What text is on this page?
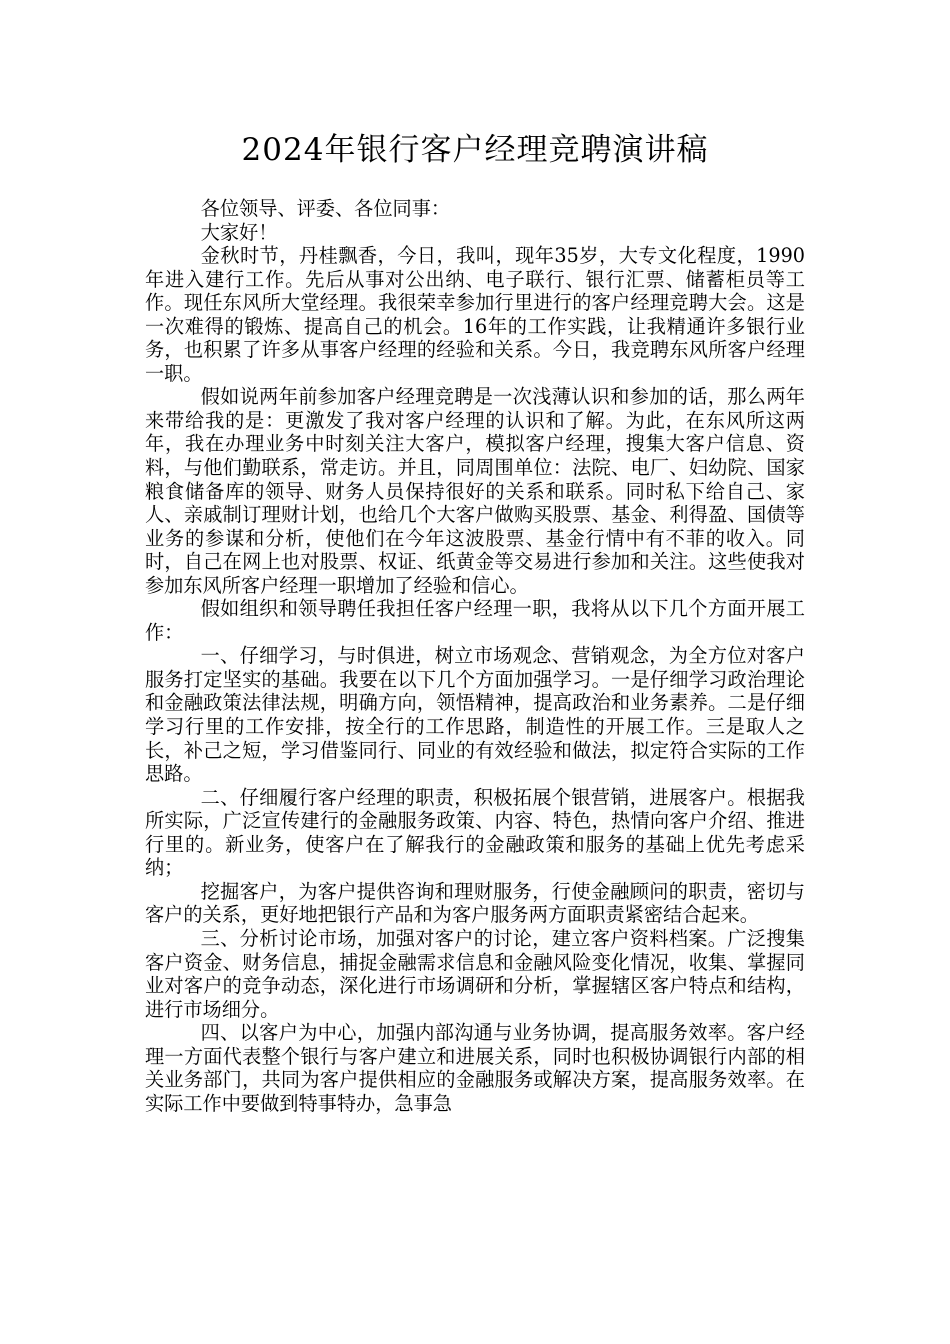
2024年银行客户经理竞聘演讲稿

各位领导、评委、各位同事：

大家好！

金秋时节，丹桂飘香，今日，我叫，现年35岁，大专文化程度，1990年进入建行工作。先后从事对公出纳、电子联行、银行汇票、储蓄柜员等工作。现任东风所大堂经理。我很荣幸参加行里进行的客户经理竞聘大会。这是一次难得的锻炼、提高自己的机会。16年的工作实践，让我精通许多银行业务，也积累了许多从事客户经理的经验和关系。今日，我竞聘东风所客户经理一职。

假如说两年前参加客户经理竞聘是一次浅薄认识和参加的话，那么两年来带给我的是：更激发了我对客户经理的认识和了解。为此，在东风所这两年，我在办理业务中时刻关注大客户，模拟客户经理，搜集大客户信息、资料，与他们勤联系，常走访。并且，同周围单位：法院、电厂、妇幼院、国家粮食储备库的领导、财务人员保持很好的关系和联系。同时私下给自己、家人、亲戚制订理财计划，也给几个大客户做购买股票、基金、利得盈、国债等业务的参谋和分析，使他们在今年这波股票、基金行情中有不菲的收入。同时，自己在网上也对股票、权证、纸黄金等交易进行参加和关注。这些使我对参加东风所客户经理一职增加了经验和信心。

假如组织和领导聘任我担任客户经理一职，我将从以下几个方面开展工作：

一、仔细学习，与时俱进，树立市场观念、营销观念，为全方位对客户服务打定坚实的基础。我要在以下几个方面加强学习。一是仔细学习政治理论和金融政策法律法规，明确方向，领悟精神，提高政治和业务素养。二是仔细学习行里的工作安排，按全行的工作思路，制造性的开展工作。三是取人之长，补己之短，学习借鉴同行、同业的有效经验和做法，拟定符合实际的工作思路。

二、仔细履行客户经理的职责，积极拓展个银营销，进展客户。根据我所实际，广泛宣传建行的金融服务政策、内容、特色，热情向客户介绍、推进行里的。新业务，使客户在了解我行的金融政策和服务的基础上优先考虑采纳；

挖掘客户，为客户提供咨询和理财服务，行使金融顾问的职责，密切与客户的关系，更好地把银行产品和为客户服务两方面职责紧密结合起来。

三、分析讨论市场，加强对客户的讨论，建立客户资料档案。广泛搜集客户资金、财务信息，捕捉金融需求信息和金融风险变化情况，收集、掌握同业对客户的竞争动态，深化进行市场调研和分析，掌握辖区客户特点和结构，进行市场细分。

四、以客户为中心，加强内部沟通与业务协调，提高服务效率。客户经理一方面代表整个银行与客户建立和进展关系，同时也积极协调银行内部的相关业务部门，共同为客户提供相应的金融服务或解决方案，提高服务效率。在实际工作中要做到特事特办，急事急
